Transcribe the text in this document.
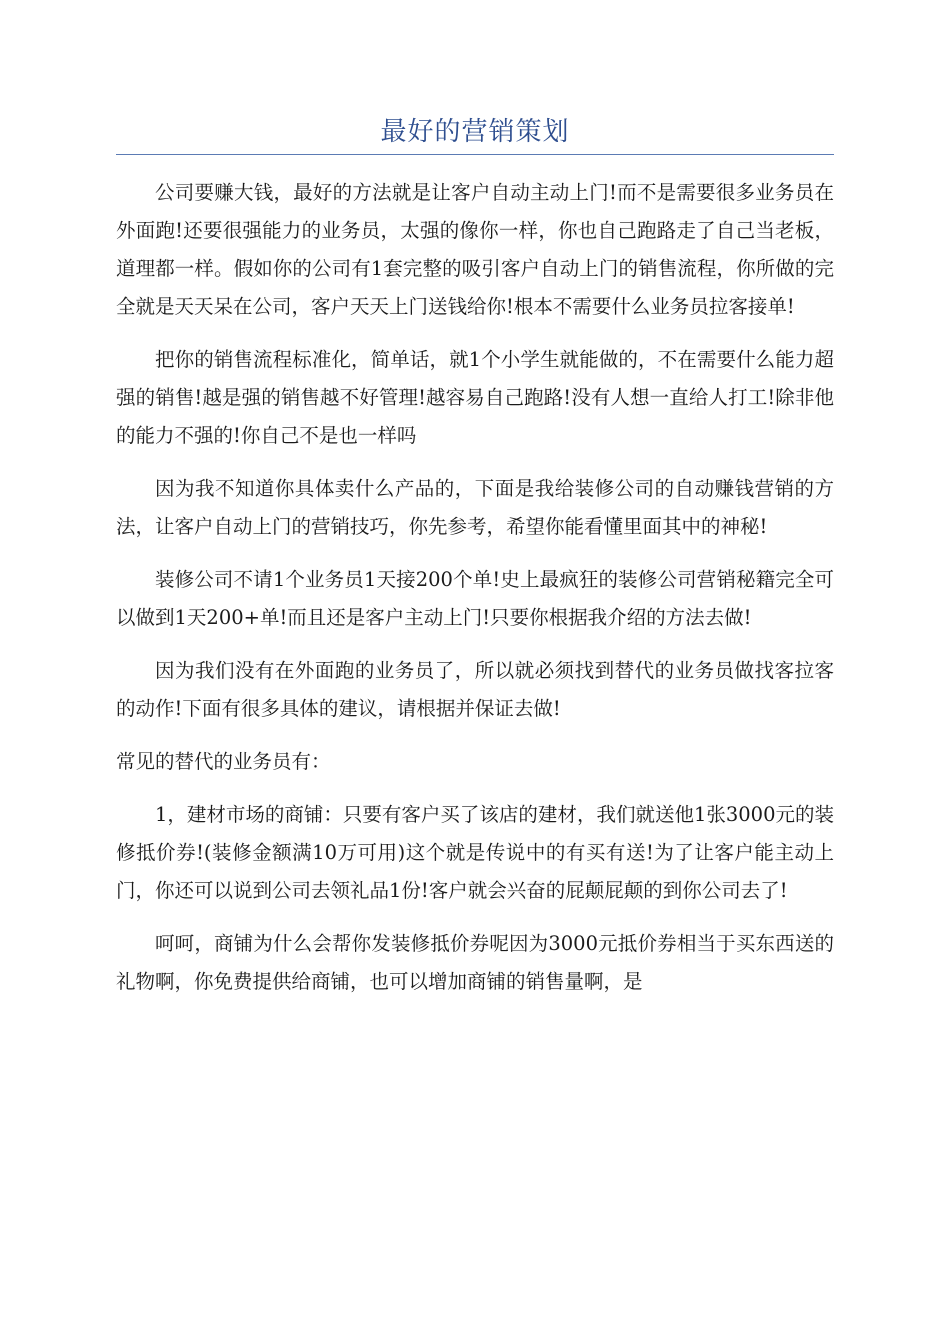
最好的营销策划

公司要赚大钱，最好的方法就是让客户自动主动上门!而不是需要很多业务员在外面跑!还要很强能力的业务员，太强的像你一样，你也自己跑路走了自己当老板，道理都一样。假如你的公司有1套完整的吸引客户自动上门的销售流程，你所做的完全就是天天呆在公司，客户天天上门送钱给你!根本不需要什么业务员拉客接单!

把你的销售流程标准化，简单话，就1个小学生就能做的，不在需要什么能力超强的销售!越是强的销售越不好管理!越容易自己跑路!没有人想一直给人打工!除非他的能力不强的!你自己不是也一样吗

因为我不知道你具体卖什么产品的，下面是我给装修公司的自动赚钱营销的方法，让客户自动上门的营销技巧，你先参考，希望你能看懂里面其中的神秘!

装修公司不请1个业务员1天接200个单!史上最疯狂的装修公司营销秘籍完全可以做到1天200+单!而且还是客户主动上门!只要你根据我介绍的方法去做!

因为我们没有在外面跑的业务员了，所以就必须找到替代的业务员做找客拉客的动作!下面有很多具体的建议，请根据并保证去做!

常见的替代的业务员有：

1，建材市场的商铺：只要有客户买了该店的建材，我们就送他1张3000元的装修抵价券!(装修金额满10万可用)这个就是传说中的有买有送!为了让客户能主动上门，你还可以说到公司去领礼品1份!客户就会兴奋的屁颠屁颠的到你公司去了!

呵呵，商铺为什么会帮你发装修抵价券呢因为3000元抵价券相当于买东西送的礼物啊，你免费提供给商铺，也可以增加商铺的销售量啊，是
